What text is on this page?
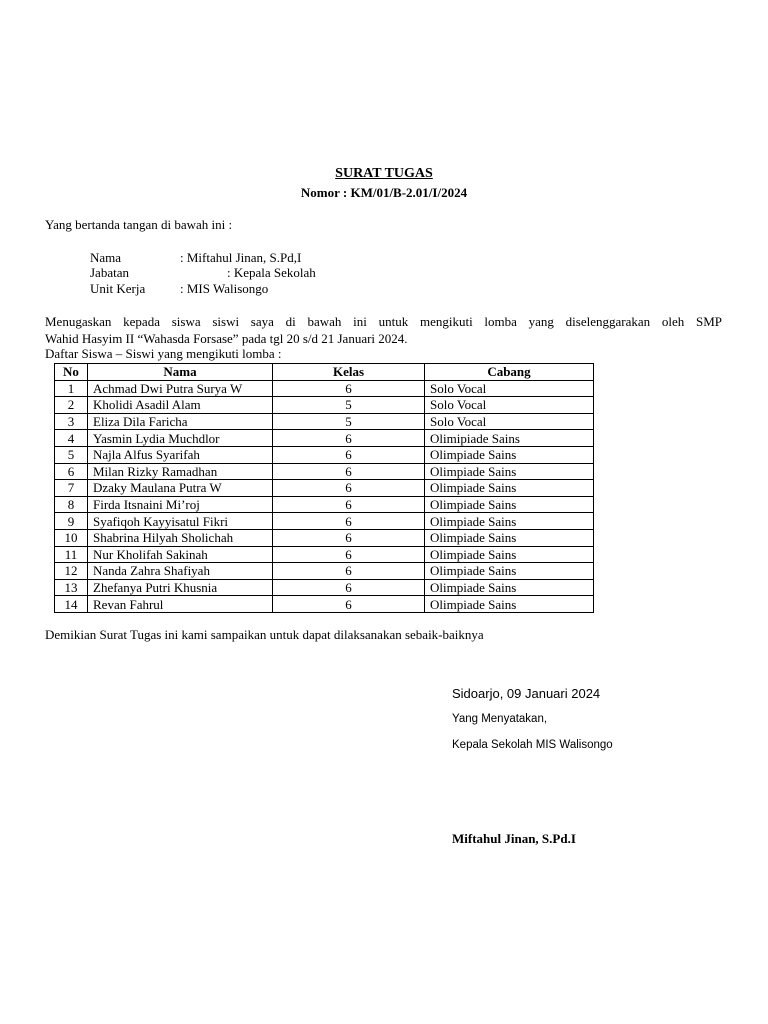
SURAT TUGAS
Nomor : KM/01/B-2.01/I/2024
Yang bertanda tangan di bawah ini :
Nama	: Miftahul Jinan, S.Pd,I
Jabatan	: Kepala Sekolah
Unit Kerja	: MIS Walisongo
Menugaskan kepada siswa siswi saya di bawah ini untuk mengikuti lomba yang diselenggarakan oleh SMP
Wahid Hasyim II “Wahasda Forsase” pada tgl 20 s/d 21 Januari 2024.
Daftar Siswa – Siswi yang mengikuti lomba :
No	Nama	Kelas	Cabang
1	Achmad Dwi Putra Surya W	6	Solo Vocal
2	Kholidi Asadil Alam	5	Solo Vocal
3	Eliza Dila Faricha	5	Solo Vocal
4	Yasmin Lydia Muchdlor	6	Olimipiade Sains
5	Najla Alfus Syarifah	6	Olimpiade Sains
6	Milan Rizky Ramadhan	6	Olimpiade Sains
7	Dzaky Maulana Putra W	6	Olimpiade Sains
8	Firda Itsnaini Mi’roj	6	Olimpiade Sains
9	Syafiqoh Kayyisatul Fikri	6	Olimpiade Sains
10	Shabrina Hilyah Sholichah	6	Olimpiade Sains
11	Nur Kholifah Sakinah	6	Olimpiade Sains
12	Nanda Zahra Shafiyah	6	Olimpiade Sains
13	Zhefanya Putri Khusnia	6	Olimpiade Sains
14	Revan Fahrul	6	Olimpiade Sains
Demikian Surat Tugas ini kami sampaikan untuk dapat dilaksanakan sebaik-baiknya
Sidoarjo, 09 Januari 2024
Yang Menyatakan,
Kepala Sekolah MIS Walisongo
Miftahul Jinan, S.Pd.I
